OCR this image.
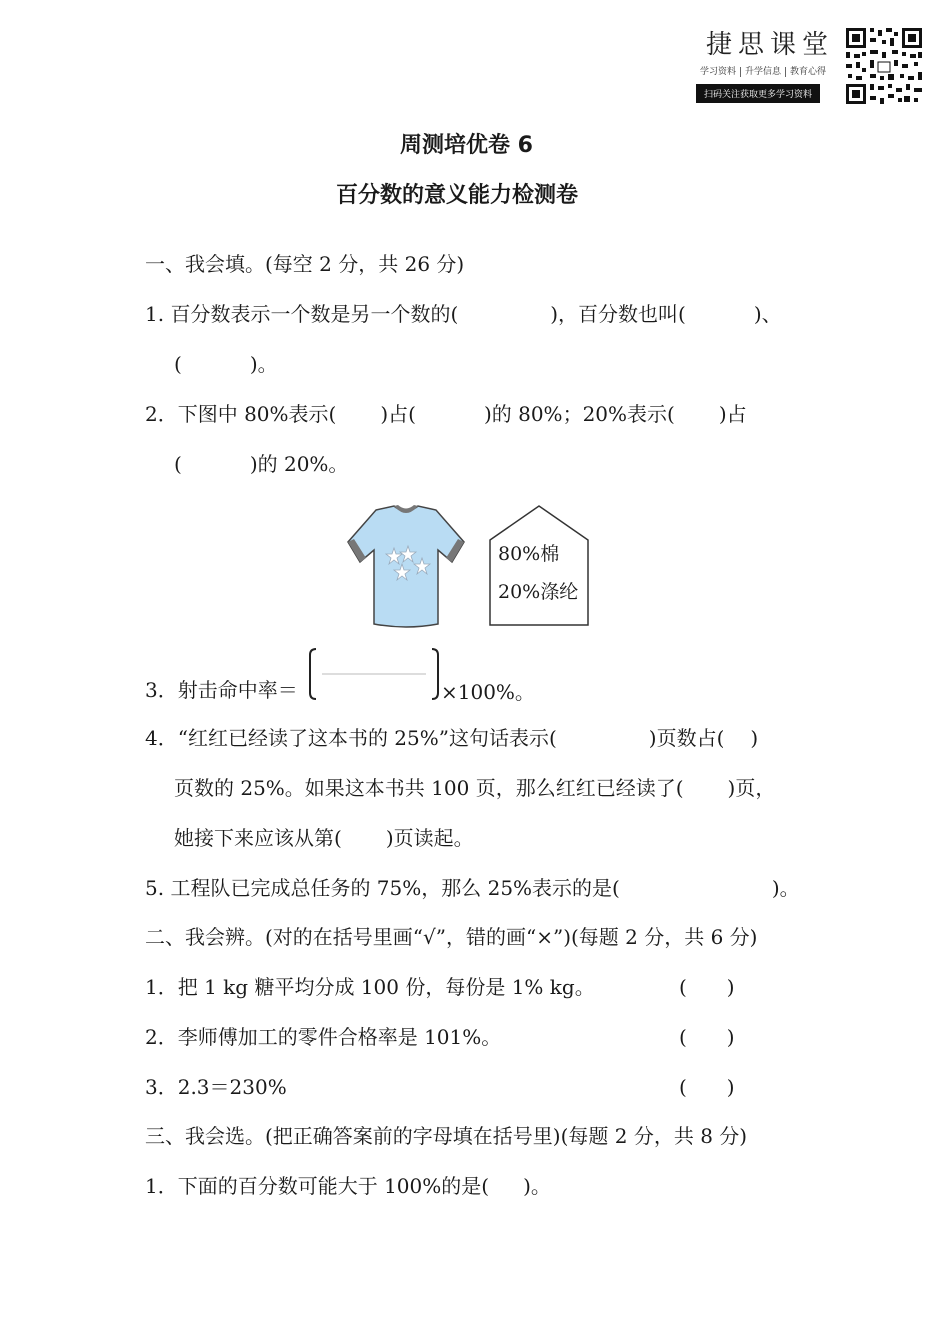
捷思课堂
学习资料 升学信息 教育心得
扫码关注获取更多学习资料
周测培优卷 6
百分数的意义能力检测卷
一、我会填。(每空 2 分，共 26 分)
1. 百分数表示一个数是另一个数的(	)，百分数也叫(	)、
(	)。
2．下图中 80%表示( )占(	)的 80%；20%表示( )占
(	)的 20%。
80%棉
20%涤纶
3．射击命中率＝	×100%。
4．“红红已经读了这本书的 25%”这句话表示(	)页数占( )
页数的 25%。如果这本书共 100 页，那么红红已经读了( )页，
她接下来应该从第( )页读起。
5. 工程队已完成总任务的 75%，那么 25%表示的是(	)。
二、我会辨。(对的在括号里画“√”，错的画“×”)(每题 2 分，共 6 分)
1．把 1 kg 糖平均分成 100 份，每份是 1% kg。	(　　)
2．李师傅加工的零件合格率是 101%。	(　　)
3．2.3＝230%	(　　)
三、我会选。(把正确答案前的字母填在括号里)(每题 2 分，共 8 分)
1．下面的百分数可能大于 100%的是( )。
